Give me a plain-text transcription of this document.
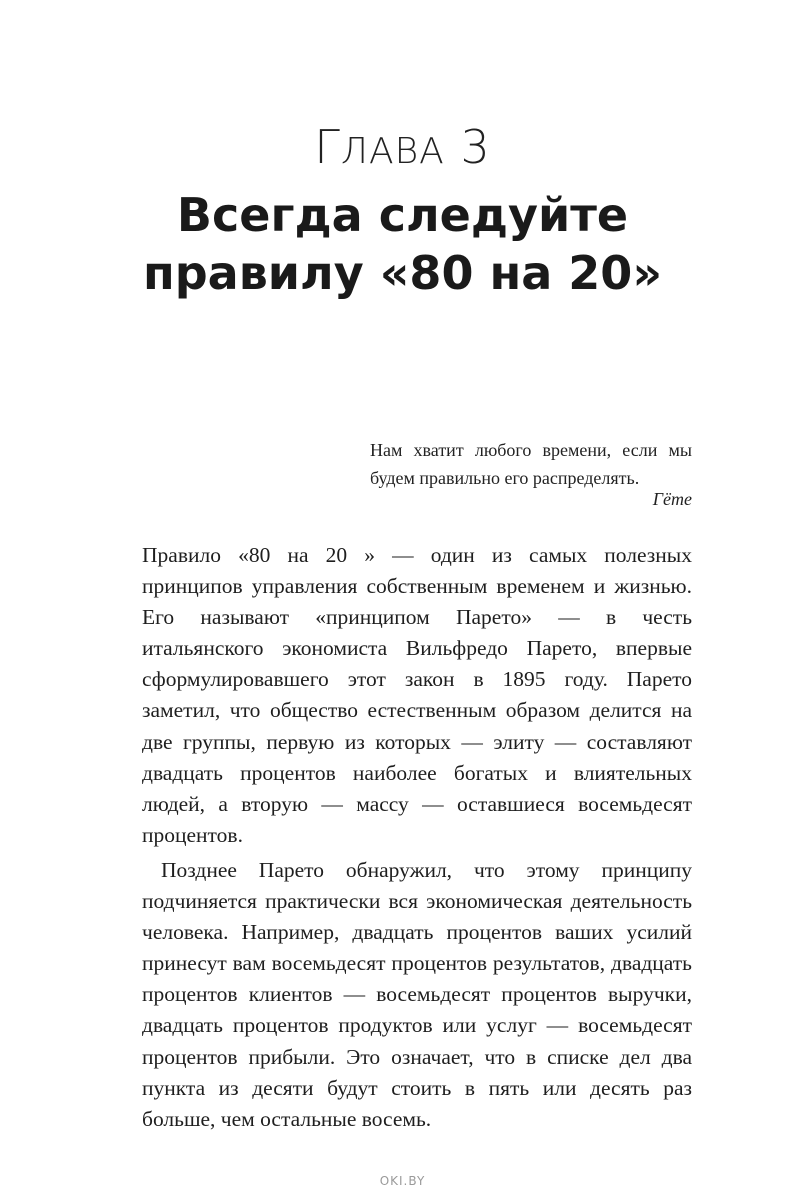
ГЛАВА 3
Всегда следуйте
правилу «80 на 20»
Нам хватит любого времени, если мы будем правильно его распределять.
Гёте

Правило «80 на 20 » — один из самых полезных принципов управления собственным временем и жизнью. Его называют «принципом Парето» — в честь итальянского экономиста Вильфредо Парето, впервые сформулировавшего этот закон в 1895 году. Парето заметил, что общество естественным образом делится на две группы, первую из которых — элиту — составляют двадцать процентов наиболее богатых и влиятельных людей, а вторую — массу — оставшиеся восемьдесят процентов.

Позднее Парето обнаружил, что этому принципу подчиняется практически вся экономическая деятельность человека. Например, двадцать процентов ваших усилий принесут вам восемьдесят процентов результатов, двадцать процентов клиентов — восемьдесят процентов выручки, двадцать процентов продуктов или услуг — восемьдесят процентов прибыли. Это означает, что в списке дел два пункта из десяти будут стоить в пять или десять раз больше, чем остальные восемь.

OKI.BY
